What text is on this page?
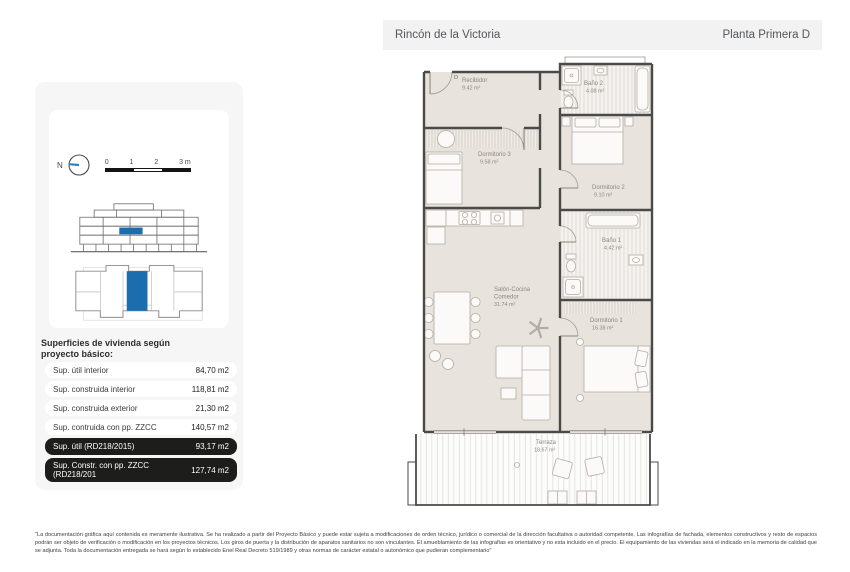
Rincón de la Victoria	Planta Primera D
N	0	1	2	3 m
Superficies de vivienda según
proyecto básico:
Sup. útil interior	84,70 m2
Sup. construida interior	118,81 m2
Sup. construida exterior	21,30 m2
Sup. contruida con pp. ZZCC	140,57 m2
Sup. útil (RD218/2015)	93,17 m2
Sup. Constr. con pp. ZZCC
(RD218/201	127,74 m2
D Recibidor
9.42 m²
Baño 2
4.08 m²
Dormitorio 3
9.58 m²
Dormitorio 2
9.10 m²
Baño 1
4.42 m²
Salón-Cocina
Comedor
31.74 m²
Dormitorio 1
16.38 m²
Terraza
18.67 m²

"La documentación gráfica aquí contenida es meramente ilustrativa. Se ha realizado a partir del Proyecto Básico y puede estar sujeta a modificaciones de orden técnico, jurídico o comercial de la dirección facultativa o autoridad competente. Las infografías de fachada, elementos constructivos y resto de espacios podrán ser objeto de verificación o modificación en los proyectos técnicos. Los giros de puerta y la distribución de aparatos sanitarios no son vinculantes. El amueblamiento de las infografías es orientativo y no esta incluido en el precio. El equipamiento de las viviendas será el indicado en la memoria de calidad que se adjunta. Toda la documentación entregada se hará según lo establecido Enel Real Decreto 519/1989 y otras normas de carácter estatal o autonómico que pudieran complementario"
